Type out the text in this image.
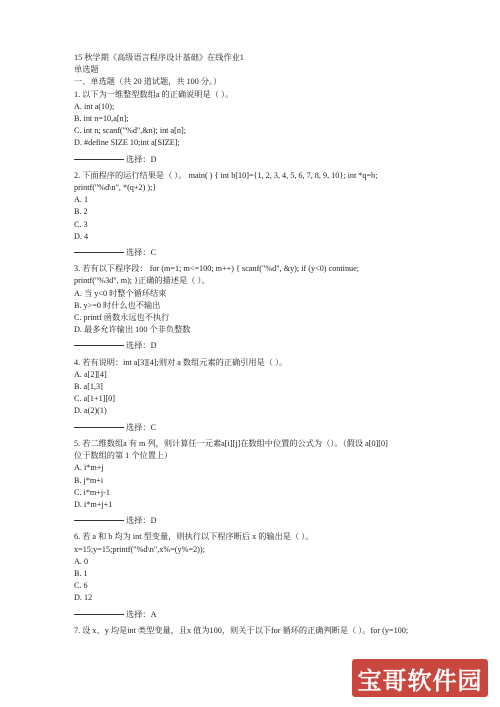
15 秋学期《高级语言程序设计基础》在线作业1
单选题
一、单选题（共 20 道试题，共 100 分。）
1. 以下为一维整型数组a 的正确说明是（ ）。
A. int a(10);
B. int n=10,a[n];
C. int n; scanf("%d",&n); int a[n];
D. #define SIZE 10;int a[SIZE];
选择：D
2. 下面程序的运行结果是（ ）。 main( ) { int b[10]={1, 2, 3, 4, 5, 6, 7, 8, 9, 10}; int *q=b;
printf("%d\n", *(q+2) );}
A. 1
B. 2
C. 3
D. 4
选择：C
3. 若有以下程序段： for (m=1; m<=100; m++) { scanf("%d", &y); if (y<0) continue;
printf("%3d", m); }正确的描述是（ ）。
A. 当 y<0 时整个循环结束
B. y>=0 时什么也不输出
C. printf 函数永远也不执行
D. 最多允许输出 100 个非负整数
选择：D
4. 若有说明：int a[3][4];则对 a 数组元素的正确引用是（ ）。
A. a[2][4]
B. a[1,3]
C. a[1+1][0]
D. a(2)(1)
选择：C
5. 若二维数组a 有 m 列，则计算任一元素a[i][j]在数组中位置的公式为（）。（假设 a[0][0]
位于数组的第 1 个位置上）
A. i*m+j
B. j*m+i
C. i*m+j-1
D. i*m+j+1
选择：D
6. 若 a 和 b 均为 int 型变量，则执行以下程序断后 x 的输出是（ ）。
x=15;y=15;printf("%d\n",x%=(y%=2));
A. 0
B. 1
C. 6
D. 12
选择：A
7. 设 x、y 均是int 类型变量，且x 值为100，则关于以下for 循环的正确判断是（ ）。for (y=100;
宝哥软件园
